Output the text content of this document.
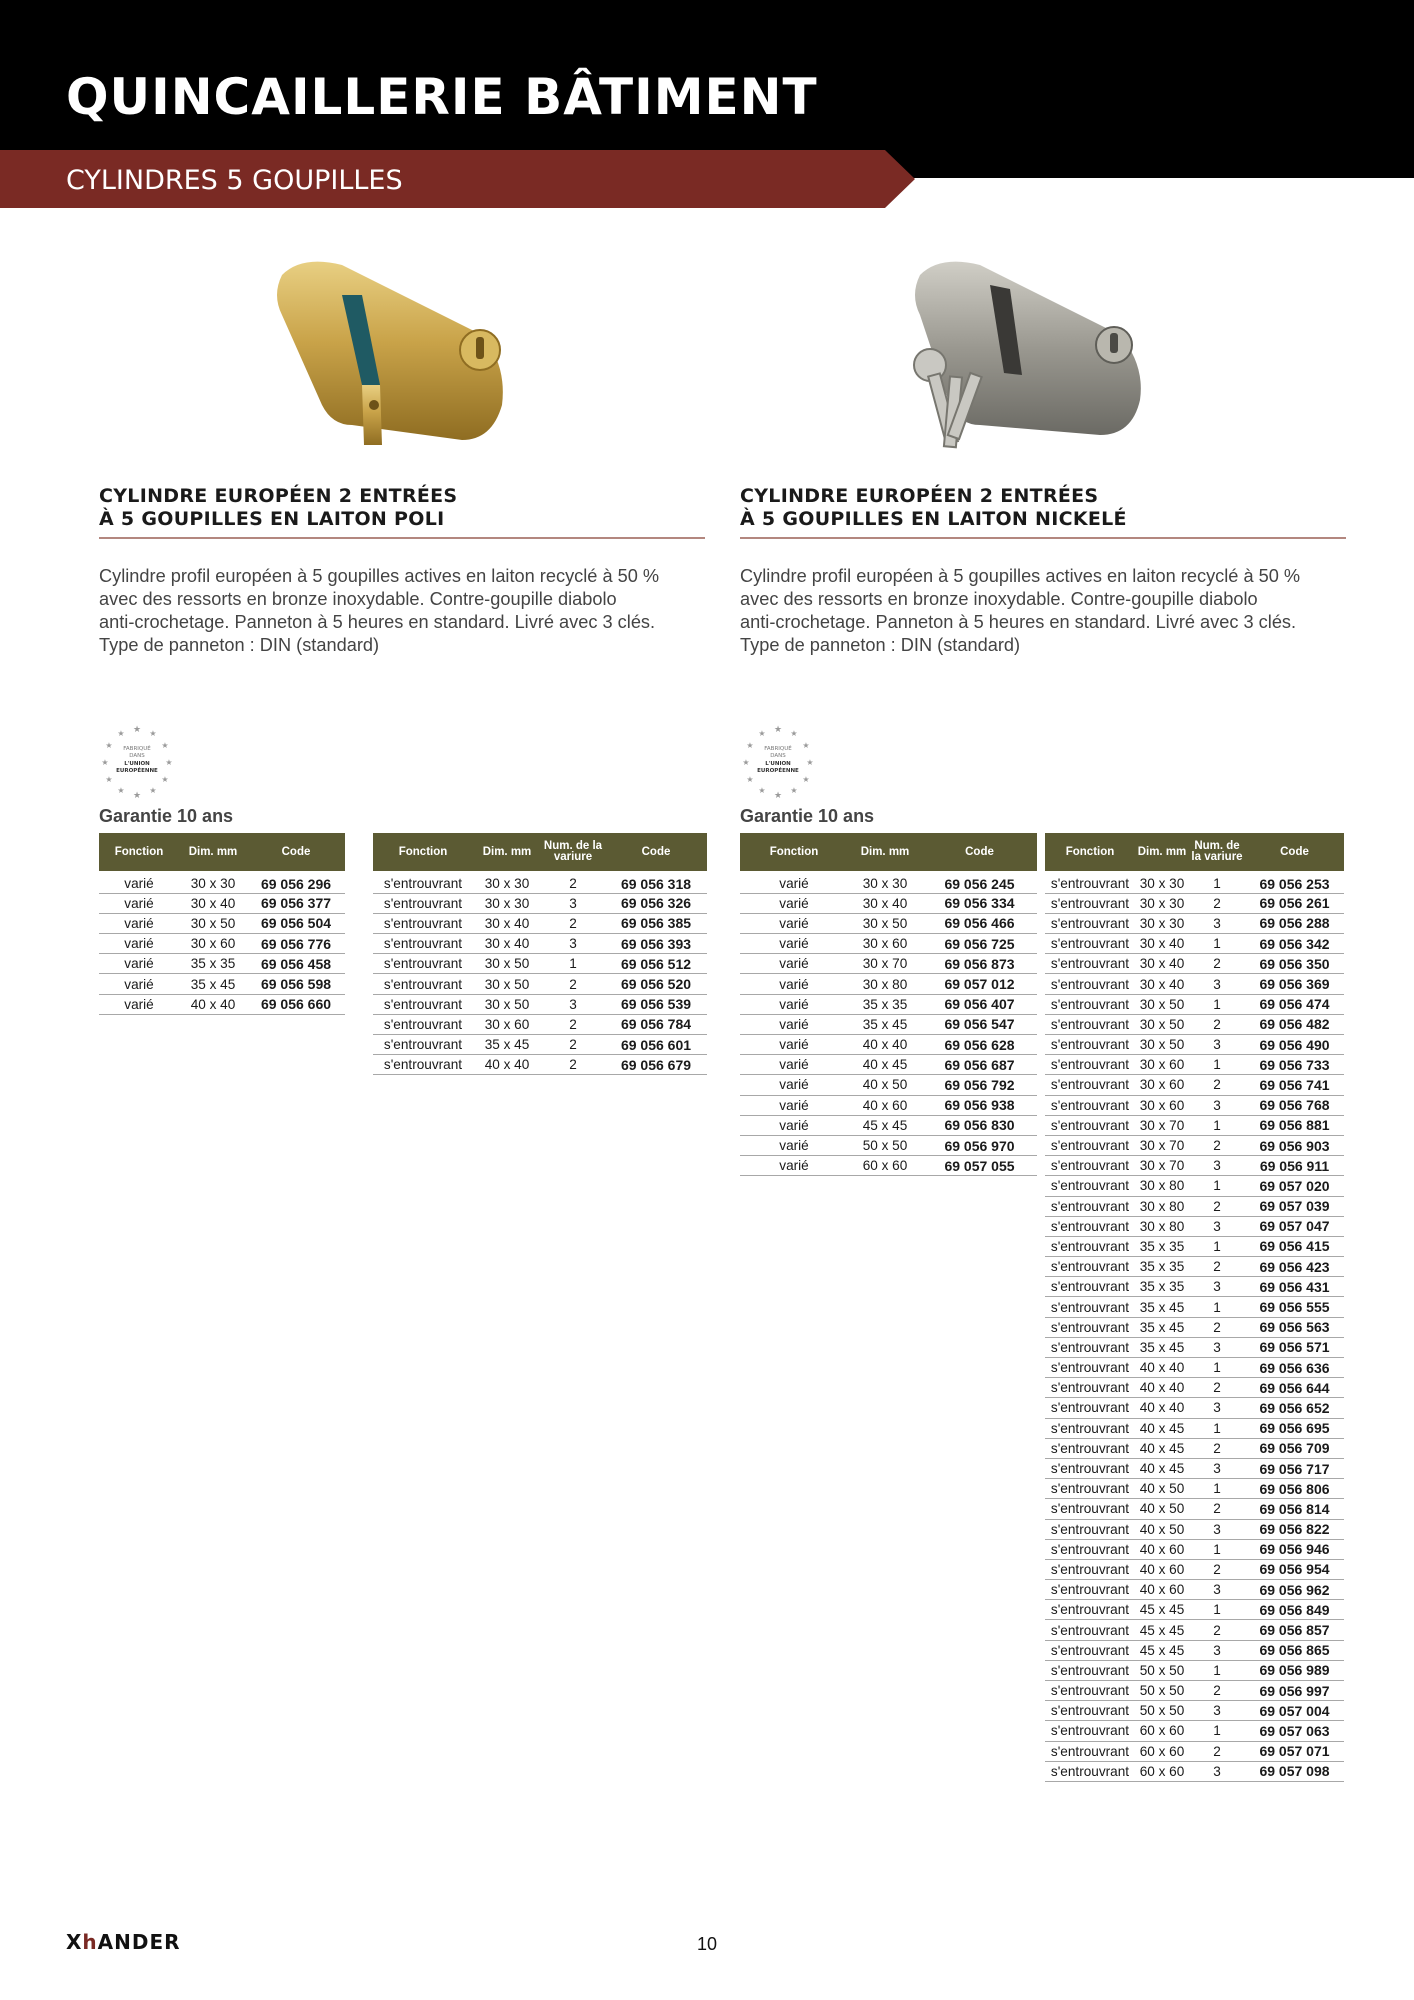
QUINCAILLERIE BÂTIMENT
CYLINDRES 5 GOUPILLES
CYLINDRE EUROPÉEN 2 ENTRÉES
À 5 GOUPILLES EN LAITON POLI
CYLINDRE EUROPÉEN 2 ENTRÉES
À 5 GOUPILLES EN LAITON NICKELÉ
Cylindre profil européen à 5 goupilles actives en laiton recyclé à 50 %
avec des ressorts en bronze inoxydable. Contre-goupille diabolo
anti-crochetage. Panneton à 5 heures en standard. Livré avec 3 clés.
Type de panneton : DIN (standard)
Cylindre profil européen à 5 goupilles actives en laiton recyclé à 50 %
avec des ressorts en bronze inoxydable. Contre-goupille diabolo
anti-crochetage. Panneton à 5 heures en standard. Livré avec 3 clés.
Type de panneton : DIN (standard)
★
★	★
★	★
★	★
★	★
★	★
★
FABRIQUÉ
DANS
L'UNION
EUROPÉENNE
★
★	★
★	★
★	★
★	★
★	★
★
FABRIQUÉ
DANS
L'UNION
EUROPÉENNE
Garantie 10 ans	Garantie 10 ans
Fonction	Dim. mm	Code
varié	30 x 30	69 056 296
varié	30 x 40	69 056 377
varié	30 x 50	69 056 504
varié	30 x 60	69 056 776
varié	35 x 35	69 056 458
varié	35 x 45	69 056 598
varié	40 x 40	69 056 660
Fonction	Dim. mm	Num. de la variure	Code
s'entrouvrant	30 x 30	2	69 056 318
s'entrouvrant	30 x 30	3	69 056 326
s'entrouvrant	30 x 40	2	69 056 385
s'entrouvrant	30 x 40	3	69 056 393
s'entrouvrant	30 x 50	1	69 056 512
s'entrouvrant	30 x 50	2	69 056 520
s'entrouvrant	30 x 50	3	69 056 539
s'entrouvrant	30 x 60	2	69 056 784
s'entrouvrant	35 x 45	2	69 056 601
s'entrouvrant	40 x 40	2	69 056 679
Fonction	Dim. mm	Code
varié	30 x 30	69 056 245
varié	30 x 40	69 056 334
varié	30 x 50	69 056 466
varié	30 x 60	69 056 725
varié	30 x 70	69 056 873
varié	30 x 80	69 057 012
varié	35 x 35	69 056 407
varié	35 x 45	69 056 547
varié	40 x 40	69 056 628
varié	40 x 45	69 056 687
varié	40 x 50	69 056 792
varié	40 x 60	69 056 938
varié	45 x 45	69 056 830
varié	50 x 50	69 056 970
varié	60 x 60	69 057 055
Fonction	Dim. mm	Num. de la variure	Code
s'entrouvrant	30 x 30	1	69 056 253
s'entrouvrant	30 x 30	2	69 056 261
s'entrouvrant	30 x 30	3	69 056 288
s'entrouvrant	30 x 40	1	69 056 342
s'entrouvrant	30 x 40	2	69 056 350
s'entrouvrant	30 x 40	3	69 056 369
s'entrouvrant	30 x 50	1	69 056 474
s'entrouvrant	30 x 50	2	69 056 482
s'entrouvrant	30 x 50	3	69 056 490
s'entrouvrant	30 x 60	1	69 056 733
s'entrouvrant	30 x 60	2	69 056 741
s'entrouvrant	30 x 60	3	69 056 768
s'entrouvrant	30 x 70	1	69 056 881
s'entrouvrant	30 x 70	2	69 056 903
s'entrouvrant	30 x 70	3	69 056 911
s'entrouvrant	30 x 80	1	69 057 020
s'entrouvrant	30 x 80	2	69 057 039
s'entrouvrant	30 x 80	3	69 057 047
s'entrouvrant	35 x 35	1	69 056 415
s'entrouvrant	35 x 35	2	69 056 423
s'entrouvrant	35 x 35	3	69 056 431
s'entrouvrant	35 x 45	1	69 056 555
s'entrouvrant	35 x 45	2	69 056 563
s'entrouvrant	35 x 45	3	69 056 571
s'entrouvrant	40 x 40	1	69 056 636
s'entrouvrant	40 x 40	2	69 056 644
s'entrouvrant	40 x 40	3	69 056 652
s'entrouvrant	40 x 45	1	69 056 695
s'entrouvrant	40 x 45	2	69 056 709
s'entrouvrant	40 x 45	3	69 056 717
s'entrouvrant	40 x 50	1	69 056 806
s'entrouvrant	40 x 50	2	69 056 814
s'entrouvrant	40 x 50	3	69 056 822
s'entrouvrant	40 x 60	1	69 056 946
s'entrouvrant	40 x 60	2	69 056 954
s'entrouvrant	40 x 60	3	69 056 962
s'entrouvrant	45 x 45	1	69 056 849
s'entrouvrant	45 x 45	2	69 056 857
s'entrouvrant	45 x 45	3	69 056 865
s'entrouvrant	50 x 50	1	69 056 989
s'entrouvrant	50 x 50	2	69 056 997
s'entrouvrant	50 x 50	3	69 057 004
s'entrouvrant	60 x 60	1	69 057 063
s'entrouvrant	60 x 60	2	69 057 071
s'entrouvrant	60 x 60	3	69 057 098
XhANDER	10
